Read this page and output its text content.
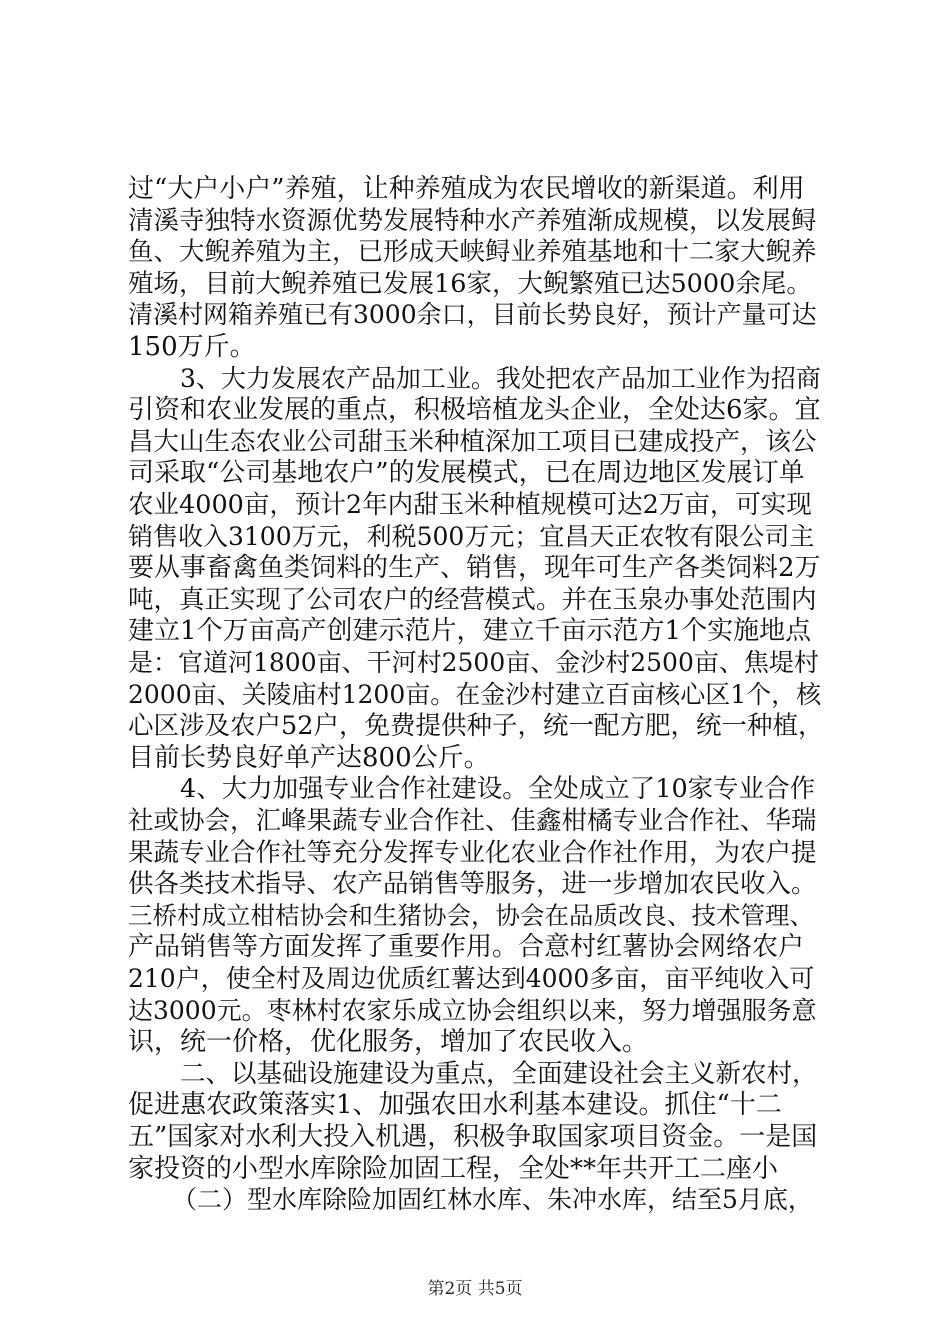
过“大户小户”养殖，让种养殖成为农民增收的新渠道。利用
清溪寺独特水资源优势发展特种水产养殖渐成规模，以发展鲟
鱼、大鲵养殖为主，已形成天峡鲟业养殖基地和十二家大鲵养
殖场，目前大鲵养殖已发展16家，大鲵繁殖已达5000余尾。
清溪村网箱养殖已有3000余口，目前长势良好，预计产量可达
150万斤。
3、大力发展农产品加工业。我处把农产品加工业作为招商
引资和农业发展的重点，积极培植龙头企业，全处达6家。宜
昌大山生态农业公司甜玉米种植深加工项目已建成投产，该公
司采取“公司基地农户”的发展模式，已在周边地区发展订单
农业4000亩，预计2年内甜玉米种植规模可达2万亩，可实现
销售收入3100万元，利税500万元；宜昌天正农牧有限公司主
要从事畜禽鱼类饲料的生产、销售，现年可生产各类饲料2万
吨，真正实现了公司农户的经营模式。并在玉泉办事处范围内
建立1个万亩高产创建示范片，建立千亩示范方1个实施地点
是：官道河1800亩、干河村2500亩、金沙村2500亩、焦堤村
2000亩、关陵庙村1200亩。在金沙村建立百亩核心区1个，核
心区涉及农户52户，免费提供种子，统一配方肥，统一种植，
目前长势良好单产达800公斤。
4、大力加强专业合作社建设。全处成立了10家专业合作
社或协会，汇峰果蔬专业合作社、佳鑫柑橘专业合作社、华瑞
果蔬专业合作社等充分发挥专业化农业合作社作用，为农户提
供各类技术指导、农产品销售等服务，进一步增加农民收入。
三桥村成立柑桔协会和生猪协会，协会在品质改良、技术管理、
产品销售等方面发挥了重要作用。合意村红薯协会网络农户
210户，使全村及周边优质红薯达到4000多亩，亩平纯收入可
达3000元。枣林村农家乐成立协会组织以来，努力增强服务意
识，统一价格，优化服务，增加了农民收入。
二、以基础设施建设为重点，全面建设社会主义新农村，
促进惠农政策落实1、加强农田水利基本建设。抓住“十二
五”国家对水利大投入机遇，积极争取国家项目资金。一是国
家投资的小型水库除险加固工程，全处**年共开工二座小
（二）型水库除险加固红林水库、朱冲水库，结至5月底，
第2页 共5页
